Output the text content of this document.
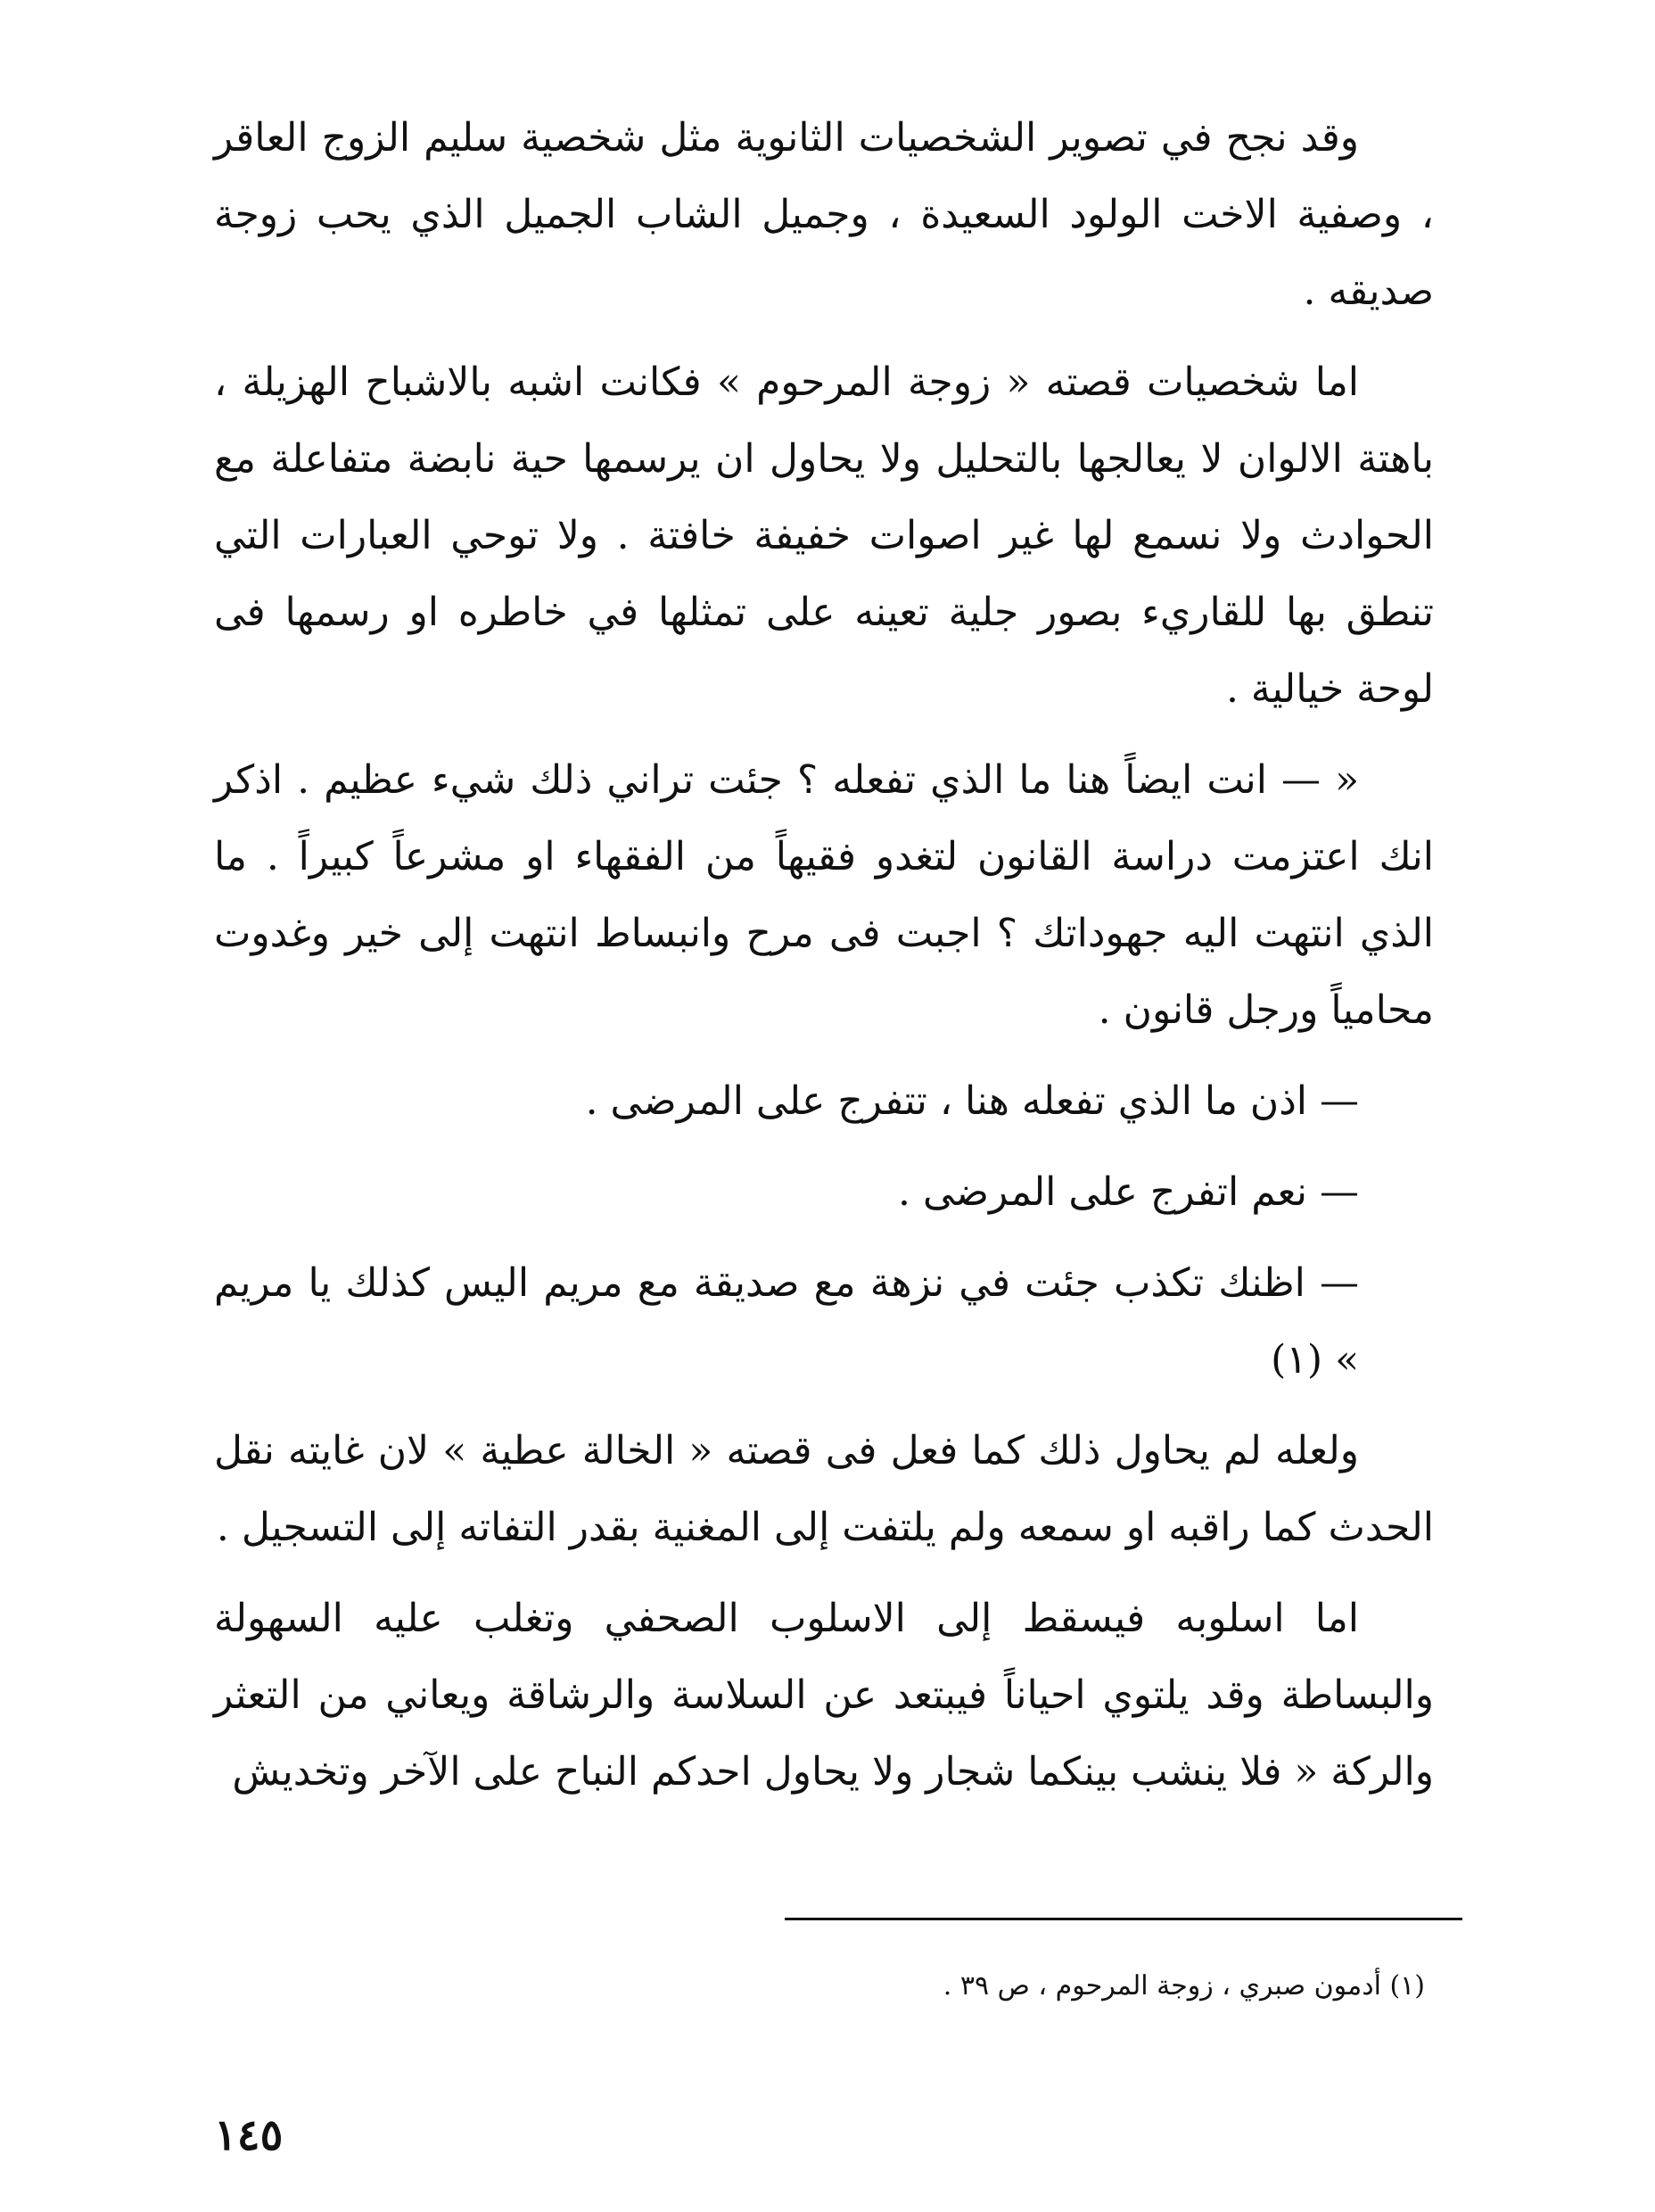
وقد نجح في تصوير الشخصيات الثانوية مثل شخصية سليم الزوج العاقر ، وصفية الاخت الولود السعيدة ، وجميل الشاب الجميل الذي يحب زوجة صديقه .

اما شخصيات قصته « زوجة المرحوم » فكانت اشبه بالاشباح الهزيلة ، باهتة الالوان لا يعالجها بالتحليل ولا يحاول ان يرسمها حية نابضة متفاعلة مع الحوادث ولا نسمع لها غير اصوات خفيفة خافتة . ولا توحي العبارات التي تنطق بها للقاريء بصور جلية تعينه على تمثلها في خاطره او رسمها فى لوحة خيالية .

« — انت ايضاً هنا ما الذي تفعله ؟ جئت تراني ذلك شيء عظيم . اذكر انك اعتزمت دراسة القانون لتغدو فقيهاً من الفقهاء او مشرعاً كبيراً . ما الذي انتهت اليه جهوداتك ؟ اجبت فى مرح وانبساط انتهت إلى خير وغدوت محامياً ورجل قانون .

— اذن ما الذي تفعله هنا ، تتفرج على المرضى .

— نعم اتفرج على المرضى .

— اظنك تكذب جئت في نزهة مع صديقة مع مريم اليس كذلك يا مريم » (١)

ولعله لم يحاول ذلك كما فعل فى قصته « الخالة عطية » لان غايته نقل الحدث كما راقبه او سمعه ولم يلتفت إلى المغنية بقدر التفاته إلى التسجيل .

اما اسلوبه فيسقط إلى الاسلوب الصحفي وتغلب عليه السهولة والبساطة وقد يلتوي احياناً فيبتعد عن السلاسة والرشاقة ويعاني من التعثر والركة « فلا ينشب بينكما شجار ولا يحاول احدكم النباح على الآخر وتخديش

(١) أدمون صبري ، زوجة المرحوم ، ص ٣٩ .
١٤٥
